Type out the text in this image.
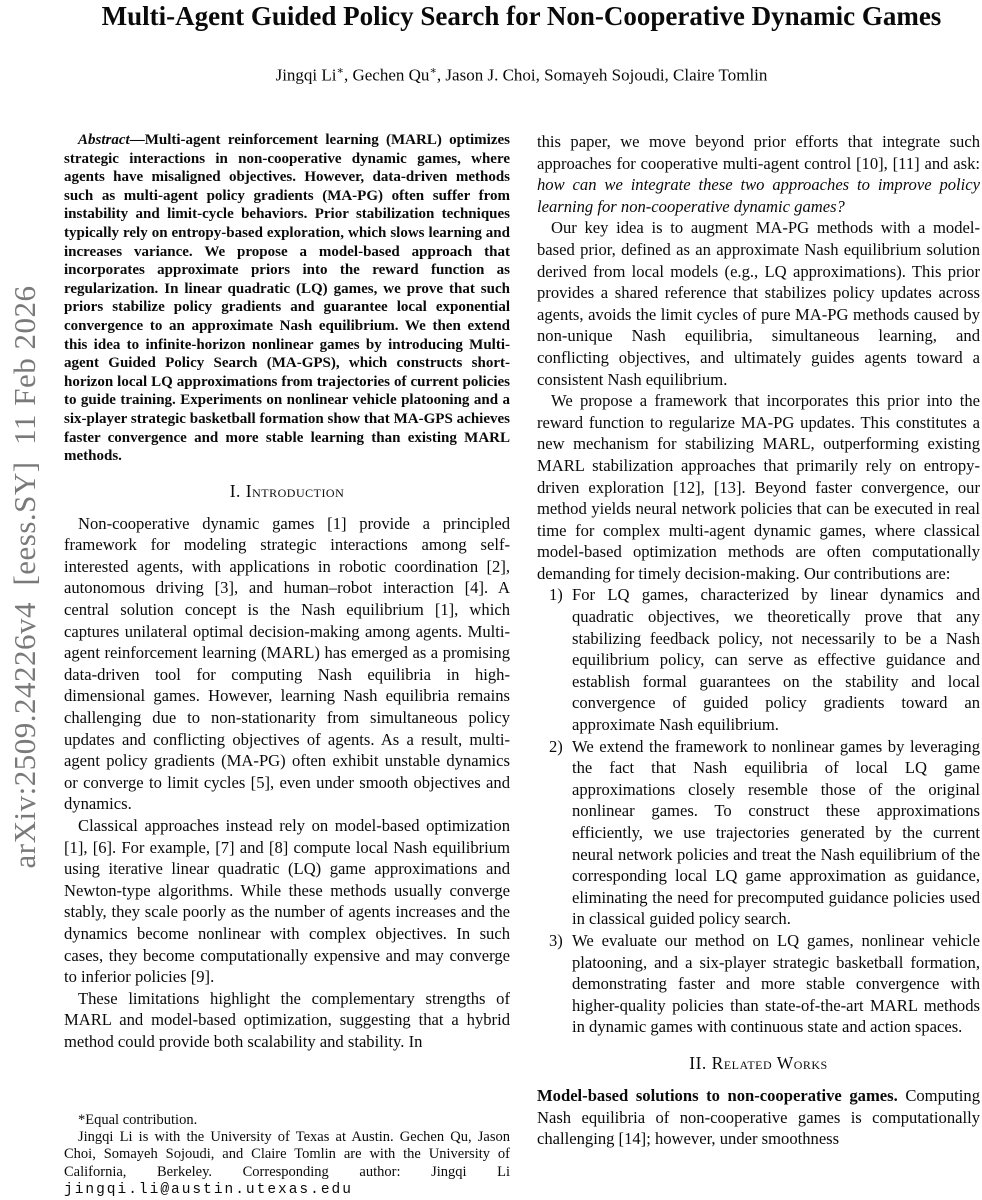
arXiv:2509.24226v4  [eess.SY]  11 Feb 2026
Multi-Agent Guided Policy Search for Non-Cooperative Dynamic Games
Jingqi Li∗, Gechen Qu∗, Jason J. Choi, Somayeh Sojoudi, Claire Tomlin

Abstract—Multi-agent reinforcement learning (MARL) optimizes strategic interactions in non-cooperative dynamic games, where agents have misaligned objectives. However, data-driven methods such as multi-agent policy gradients (MA-PG) often suffer from instability and limit-cycle behaviors. Prior stabilization techniques typically rely on entropy-based exploration, which slows learning and increases variance. We propose a model-based approach that incorporates approximate priors into the reward function as regularization. In linear quadratic (LQ) games, we prove that such priors stabilize policy gradients and guarantee local exponential convergence to an approximate Nash equilibrium. We then extend this idea to infinite-horizon nonlinear games by introducing Multi-agent Guided Policy Search (MA-GPS), which constructs short-horizon local LQ approximations from trajectories of current policies to guide training. Experiments on nonlinear vehicle platooning and a six-player strategic basketball formation show that MA-GPS achieves faster convergence and more stable learning than existing MARL methods.

I. Introduction

Non-cooperative dynamic games [1] provide a principled framework for modeling strategic interactions among self-interested agents, with applications in robotic coordination [2], autonomous driving [3], and human–robot interaction [4]. A central solution concept is the Nash equilibrium [1], which captures unilateral optimal decision-making among agents. Multi-agent reinforcement learning (MARL) has emerged as a promising data-driven tool for computing Nash equilibria in high-dimensional games. However, learning Nash equilibria remains challenging due to non-stationarity from simultaneous policy updates and conflicting objectives of agents. As a result, multi-agent policy gradients (MA-PG) often exhibit unstable dynamics or converge to limit cycles [5], even under smooth objectives and dynamics.

Classical approaches instead rely on model-based optimization [1], [6]. For example, [7] and [8] compute local Nash equilibrium using iterative linear quadratic (LQ) game approximations and Newton-type algorithms. While these methods usually converge stably, they scale poorly as the number of agents increases and the dynamics become nonlinear with complex objectives. In such cases, they become computationally expensive and may converge to inferior policies [9].

These limitations highlight the complementary strengths of MARL and model-based optimization, suggesting that a hybrid method could provide both scalability and stability. In

*Equal contribution.

Jingqi Li is with the University of Texas at Austin. Gechen Qu, Jason Choi, Somayeh Sojoudi, and Claire Tomlin are with the University of California, Berkeley. Corresponding author: Jingqi Li jingqi.li@austin.utexas.edu

this paper, we move beyond prior efforts that integrate such approaches for cooperative multi-agent control [10], [11] and ask: how can we integrate these two approaches to improve policy learning for non-cooperative dynamic games?

Our key idea is to augment MA-PG methods with a model-based prior, defined as an approximate Nash equilibrium solution derived from local models (e.g., LQ approximations). This prior provides a shared reference that stabilizes policy updates across agents, avoids the limit cycles of pure MA-PG methods caused by non-unique Nash equilibria, simultaneous learning, and conflicting objectives, and ultimately guides agents toward a consistent Nash equilibrium.

We propose a framework that incorporates this prior into the reward function to regularize MA-PG updates. This constitutes a new mechanism for stabilizing MARL, outperforming existing MARL stabilization approaches that primarily rely on entropy-driven exploration [12], [13]. Beyond faster convergence, our method yields neural network policies that can be executed in real time for complex multi-agent dynamic games, where classical model-based optimization methods are often computationally demanding for timely decision-making. Our contributions are:

1) For LQ games, characterized by linear dynamics and quadratic objectives, we theoretically prove that any stabilizing feedback policy, not necessarily to be a Nash equilibrium policy, can serve as effective guidance and establish formal guarantees on the stability and local convergence of guided policy gradients toward an approximate Nash equilibrium.
2) We extend the framework to nonlinear games by leveraging the fact that Nash equilibria of local LQ game approximations closely resemble those of the original nonlinear games. To construct these approximations efficiently, we use trajectories generated by the current neural network policies and treat the Nash equilibrium of the corresponding local LQ game approximation as guidance, eliminating the need for precomputed guidance policies used in classical guided policy search.
3) We evaluate our method on LQ games, nonlinear vehicle platooning, and a six-player strategic basketball formation, demonstrating faster and more stable convergence with higher-quality policies than state-of-the-art MARL methods in dynamic games with continuous state and action spaces.
II. Related Works

Model-based solutions to non-cooperative games. Computing Nash equilibria of non-cooperative games is computationally challenging [14]; however, under smoothness
